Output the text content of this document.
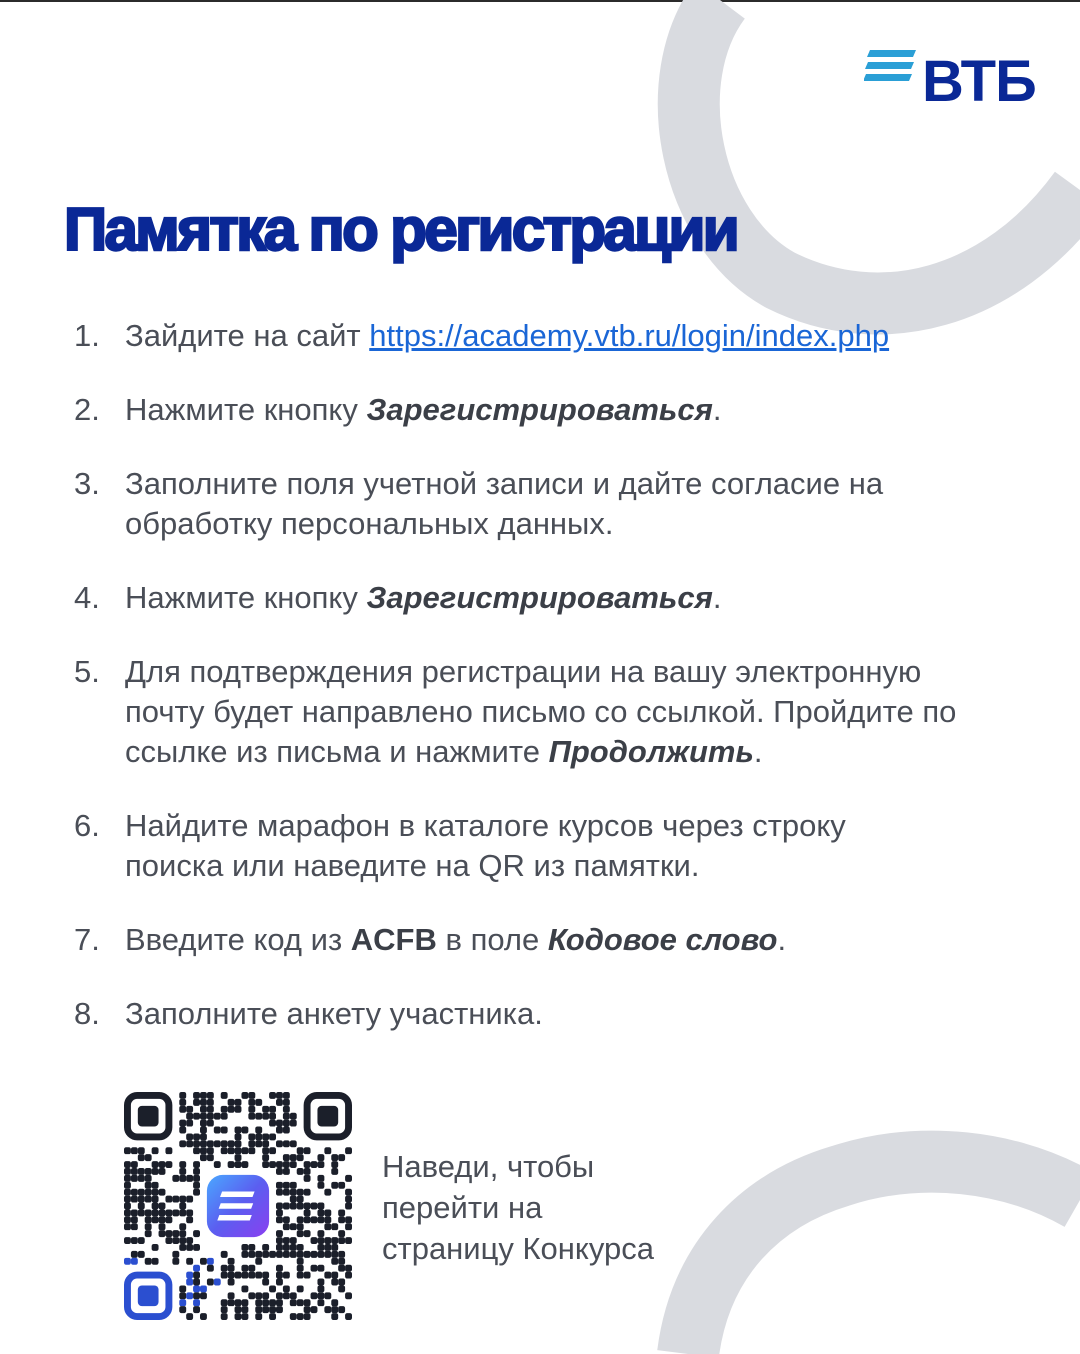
ВТБ
Памятка по регистрации
1. Зайдите на сайт https://academy.vtb.ru/login/index.php
2. Нажмите кнопку Зарегистрироваться.
3. Заполните поля учетной записи и дайте согласие на
обработку персональных данных.
4. Нажмите кнопку Зарегистрироваться.
5. Для подтверждения регистрации на вашу электронную
почту будет направлено письмо со ссылкой. Пройдите по
ссылке из письма и нажмите Продолжить.
6. Найдите марафон в каталоге курсов через строку
поиска или наведите на QR из памятки.
7. Введите код из ACFB в поле Кодовое слово.
8. Заполните анкету участника.
Наведи, чтобы
перейти на
страницу Конкурса
